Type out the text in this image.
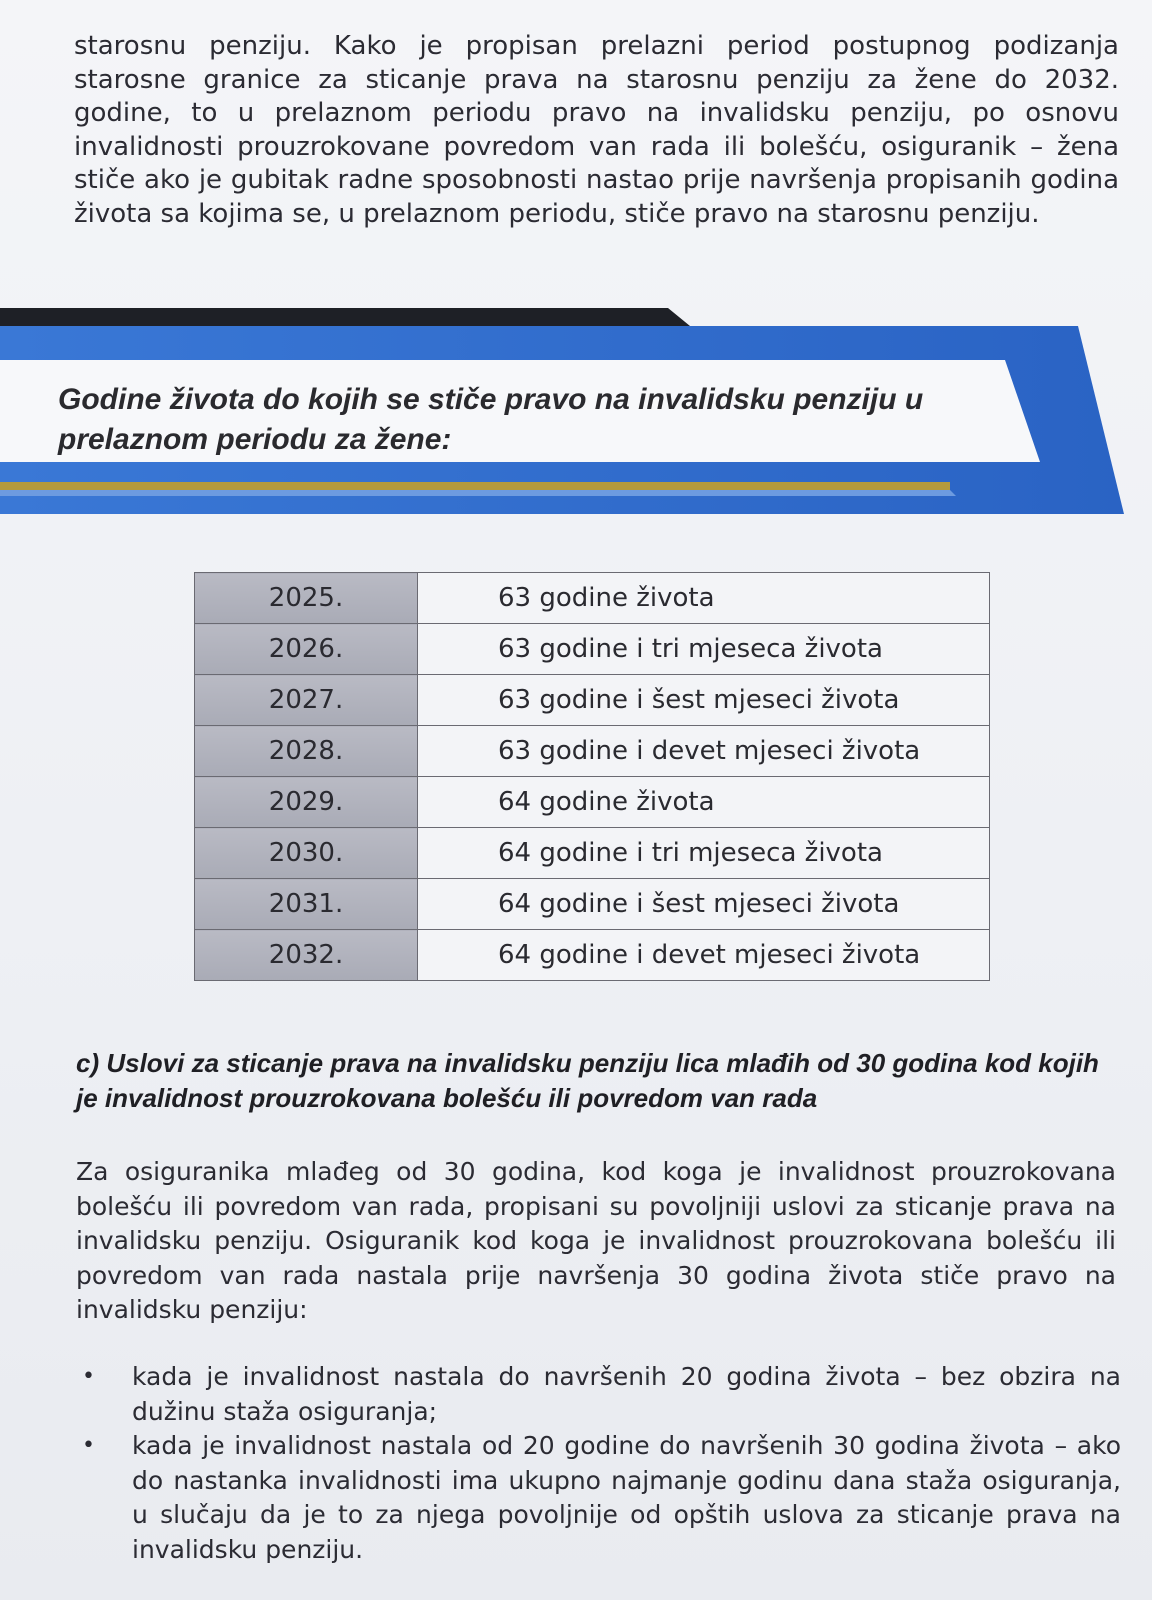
starosnu penziju. Kako je propisan prelazni period postupnog podizanja starosne granice za sticanje prava na starosnu penziju za žene do 2032. godine, to u prelaznom periodu pravo na invalidsku penziju, po osnovu invalidnosti prouzrokovane povredom van rada ili bolešću, osiguranik – žena stiče ako je gubitak radne sposobnosti nastao prije navršenja propisanih godina života sa kojima se, u prelaznom periodu, stiče pravo na starosnu penziju.

Godine života do kojih se stiče pravo na invalidsku penziju u prelaznom periodu za žene:
2025.	63 godine života
2026.	63 godine i tri mjeseca života
2027.	63 godine i šest mjeseci života
2028.	63 godine i devet mjeseci života
2029.	64 godine života
2030.	64 godine i tri mjeseca života
2031.	64 godine i šest mjeseci života
2032.	64 godine i devet mjeseci života
c) Uslovi za sticanje prava na invalidsku penziju lica mlađih od 30 godina kod kojih je invalidnost prouzrokovana bolešću ili povredom van rada

Za osiguranika mlađeg od 30 godina, kod koga je invalidnost prouzrokovana bolešću ili povredom van rada, propisani su povoljniji uslovi za sticanje prava na invalidsku penziju. Osiguranik kod koga je invalidnost prouzrokovana bolešću ili povredom van rada nastala prije navršenja 30 godina života stiče pravo na invalidsku penziju:

• kada je invalidnost nastala do navršenih 20 godina života – bez obzira na dužinu staža osiguranja;
• kada je invalidnost nastala od 20 godine do navršenih 30 godina života – ako do nastanka invalidnosti ima ukupno najmanje godinu dana staža osiguranja, u slučaju da je to za njega povoljnije od opštih uslova za sticanje prava na invalidsku penziju.
